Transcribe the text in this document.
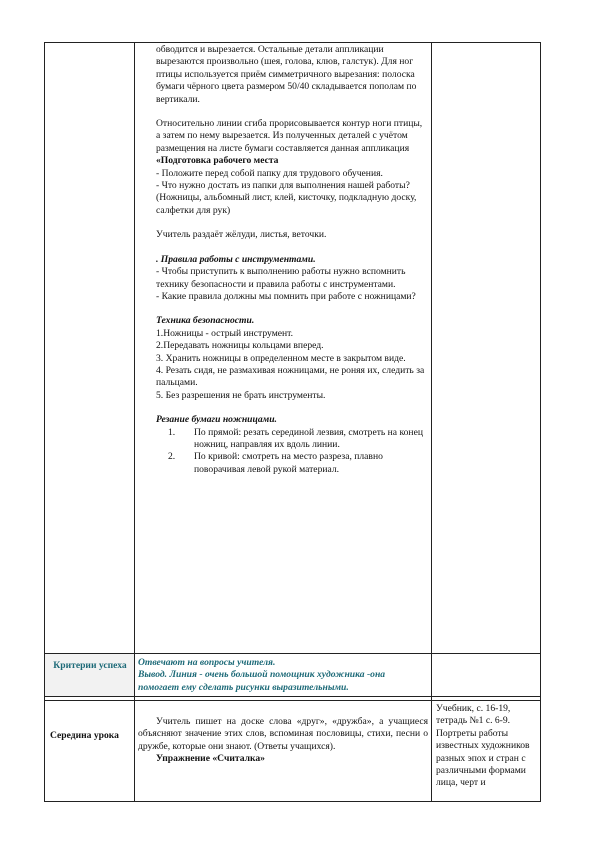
обводится и вырезается. Остальные детали аппликации вырезаются произвольно (шея, голова, клюв, галстук). Для ног птицы используется приём симметричного вырезания: полоска бумаги чёрного цвета размером 50/40 складывается пополам по вертикали.

Относительно линии сгиба прорисовывается контур ноги птицы, а затем по нему вырезается. Из полученных деталей с учётом размещения на листе бумаги составляется данная аппликация

«Подготовка рабочего места

- Положите перед собой папку для трудового обучения.

- Что нужно достать из папки для выполнения нашей работы? (Ножницы, альбомный лист, клей, кисточку, подкладную доску, салфетки для рук)

Учитель раздаёт жёлуди, листья, веточки.

. Правила работы с инструментами.

- Чтобы приступить к выполнению работы нужно вспомнить технику безопасности и правила работы с инструментами.

- Какие правила должны мы помнить при работе с ножницами?

Техника безопасности.

1.Ножницы - острый инструмент.

2.Передавать ножницы кольцами вперед.

3. Хранить ножницы в определенном месте в закрытом виде.

4. Резать сидя, не размахивая ножницами, не роняя их, следить за пальцами.

5. Без разрешения не брать инструменты.

Резание бумаги ножницами.

1. По прямой: резать серединой лезвия, смотреть на конец ножниц, направляя их вдоль линии.
2. По кривой: смотреть на место разреза, плавно поворачивая левой рукой материал.
Критерии успеха	Отвечают на вопросы учителя.
Вывод. Линия - очень большой помощник художника -она помогает ему сделать рисунки выразительными.
Середина урока
Учитель пишет на доске слова «друг», «дружба», а учащиеся объясняют значение этих слов, вспоминая пословицы, стихи, песни о дружбе, которые они знают. (Ответы учащихся).
Упражнение «Считалка»
Учебник, с. 16-19, тетрадь №1 с. 6-9. Портреты работы известных художников разных эпох и стран с различными формами лица, черт и
